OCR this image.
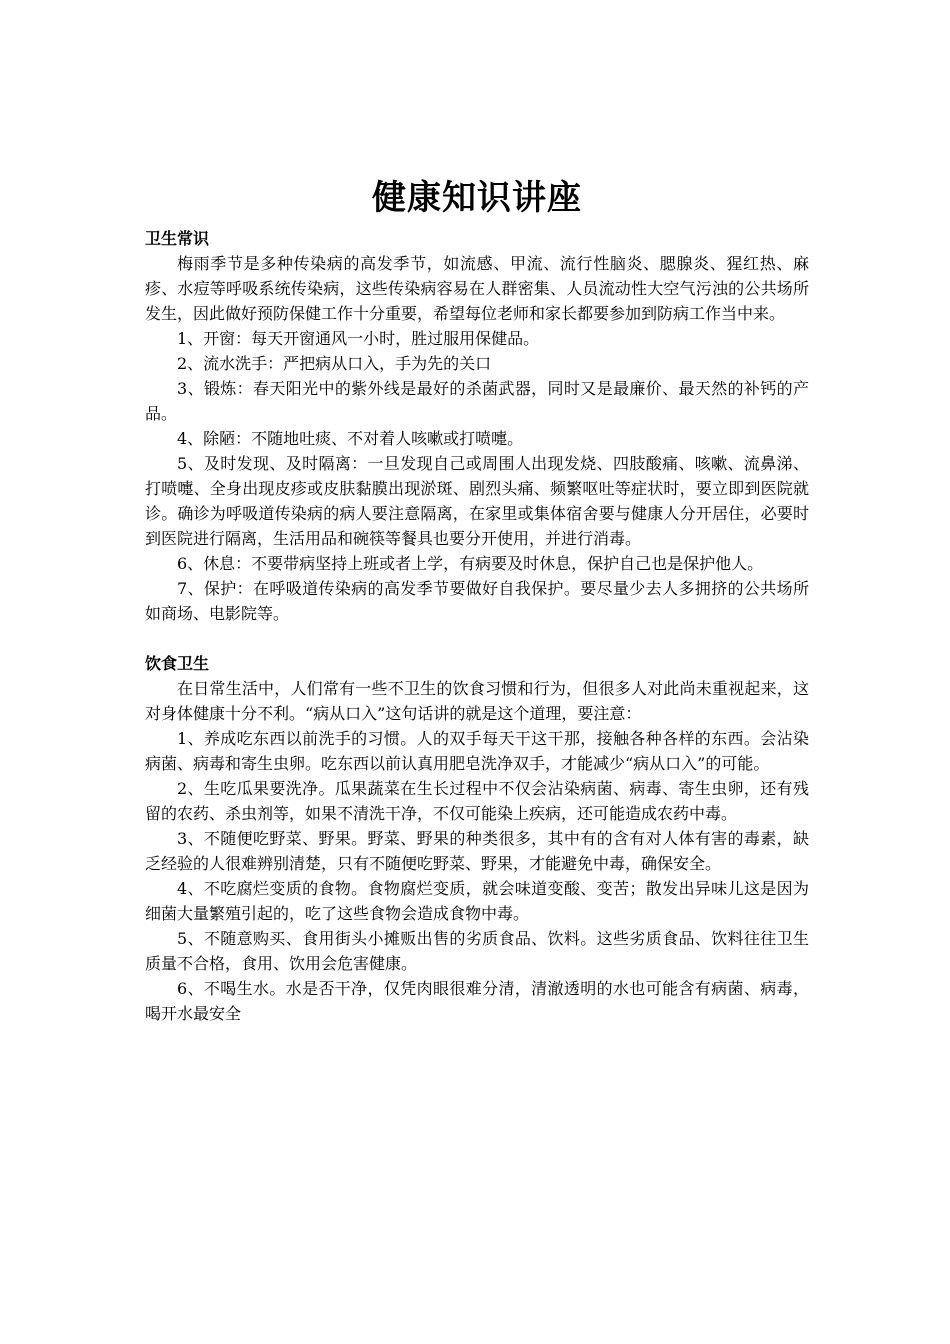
健康知识讲座

卫生常识

梅雨季节是多种传染病的高发季节，如流感、甲流、流行性脑炎、腮腺炎、猩红热、麻疹、水痘等呼吸系统传染病，这些传染病容易在人群密集、人员流动性大空气污浊的公共场所发生，因此做好预防保健工作十分重要，希望每位老师和家长都要参加到防病工作当中来。

1、开窗：每天开窗通风一小时，胜过服用保健品。

2、流水洗手：严把病从口入，手为先的关口

3、锻炼：春天阳光中的紫外线是最好的杀菌武器，同时又是最廉价、最天然的补钙的产品。

4、除陋：不随地吐痰、不对着人咳嗽或打喷嚏。

5、及时发现、及时隔离：一旦发现自己或周围人出现发烧、四肢酸痛、咳嗽、流鼻涕、打喷嚏、全身出现皮疹或皮肤黏膜出现淤斑、剧烈头痛、频繁呕吐等症状时，要立即到医院就诊。确诊为呼吸道传染病的病人要注意隔离，在家里或集体宿舍要与健康人分开居住，必要时到医院进行隔离，生活用品和碗筷等餐具也要分开使用，并进行消毒。

6、休息：不要带病坚持上班或者上学，有病要及时休息，保护自己也是保护他人。

7、保护：在呼吸道传染病的高发季节要做好自我保护。要尽量少去人多拥挤的公共场所如商场、电影院等。

饮食卫生

在日常生活中，人们常有一些不卫生的饮食习惯和行为，但很多人对此尚未重视起来，这对身体健康十分不利。“病从口入”这句话讲的就是这个道理，要注意：

1、养成吃东西以前洗手的习惯。人的双手每天干这干那，接触各种各样的东西。会沾染病菌、病毒和寄生虫卵。吃东西以前认真用肥皂洗净双手，才能减少“病从口入”的可能。

2、生吃瓜果要洗净。瓜果蔬菜在生长过程中不仅会沾染病菌、病毒、寄生虫卵，还有残留的农药、杀虫剂等，如果不清洗干净，不仅可能染上疾病，还可能造成农药中毒。

3、不随便吃野菜、野果。野菜、野果的种类很多，其中有的含有对人体有害的毒素，缺乏经验的人很难辨别清楚，只有不随便吃野菜、野果，才能避免中毒，确保安全。

4、不吃腐烂变质的食物。食物腐烂变质，就会味道变酸、变苦；散发出异味儿这是因为细菌大量繁殖引起的，吃了这些食物会造成食物中毒。

5、不随意购买、食用街头小摊贩出售的劣质食品、饮料。这些劣质食品、饮料往往卫生质量不合格，食用、饮用会危害健康。

6、不喝生水。水是否干净，仅凭肉眼很难分清，清澈透明的水也可能含有病菌、病毒，喝开水最安全
